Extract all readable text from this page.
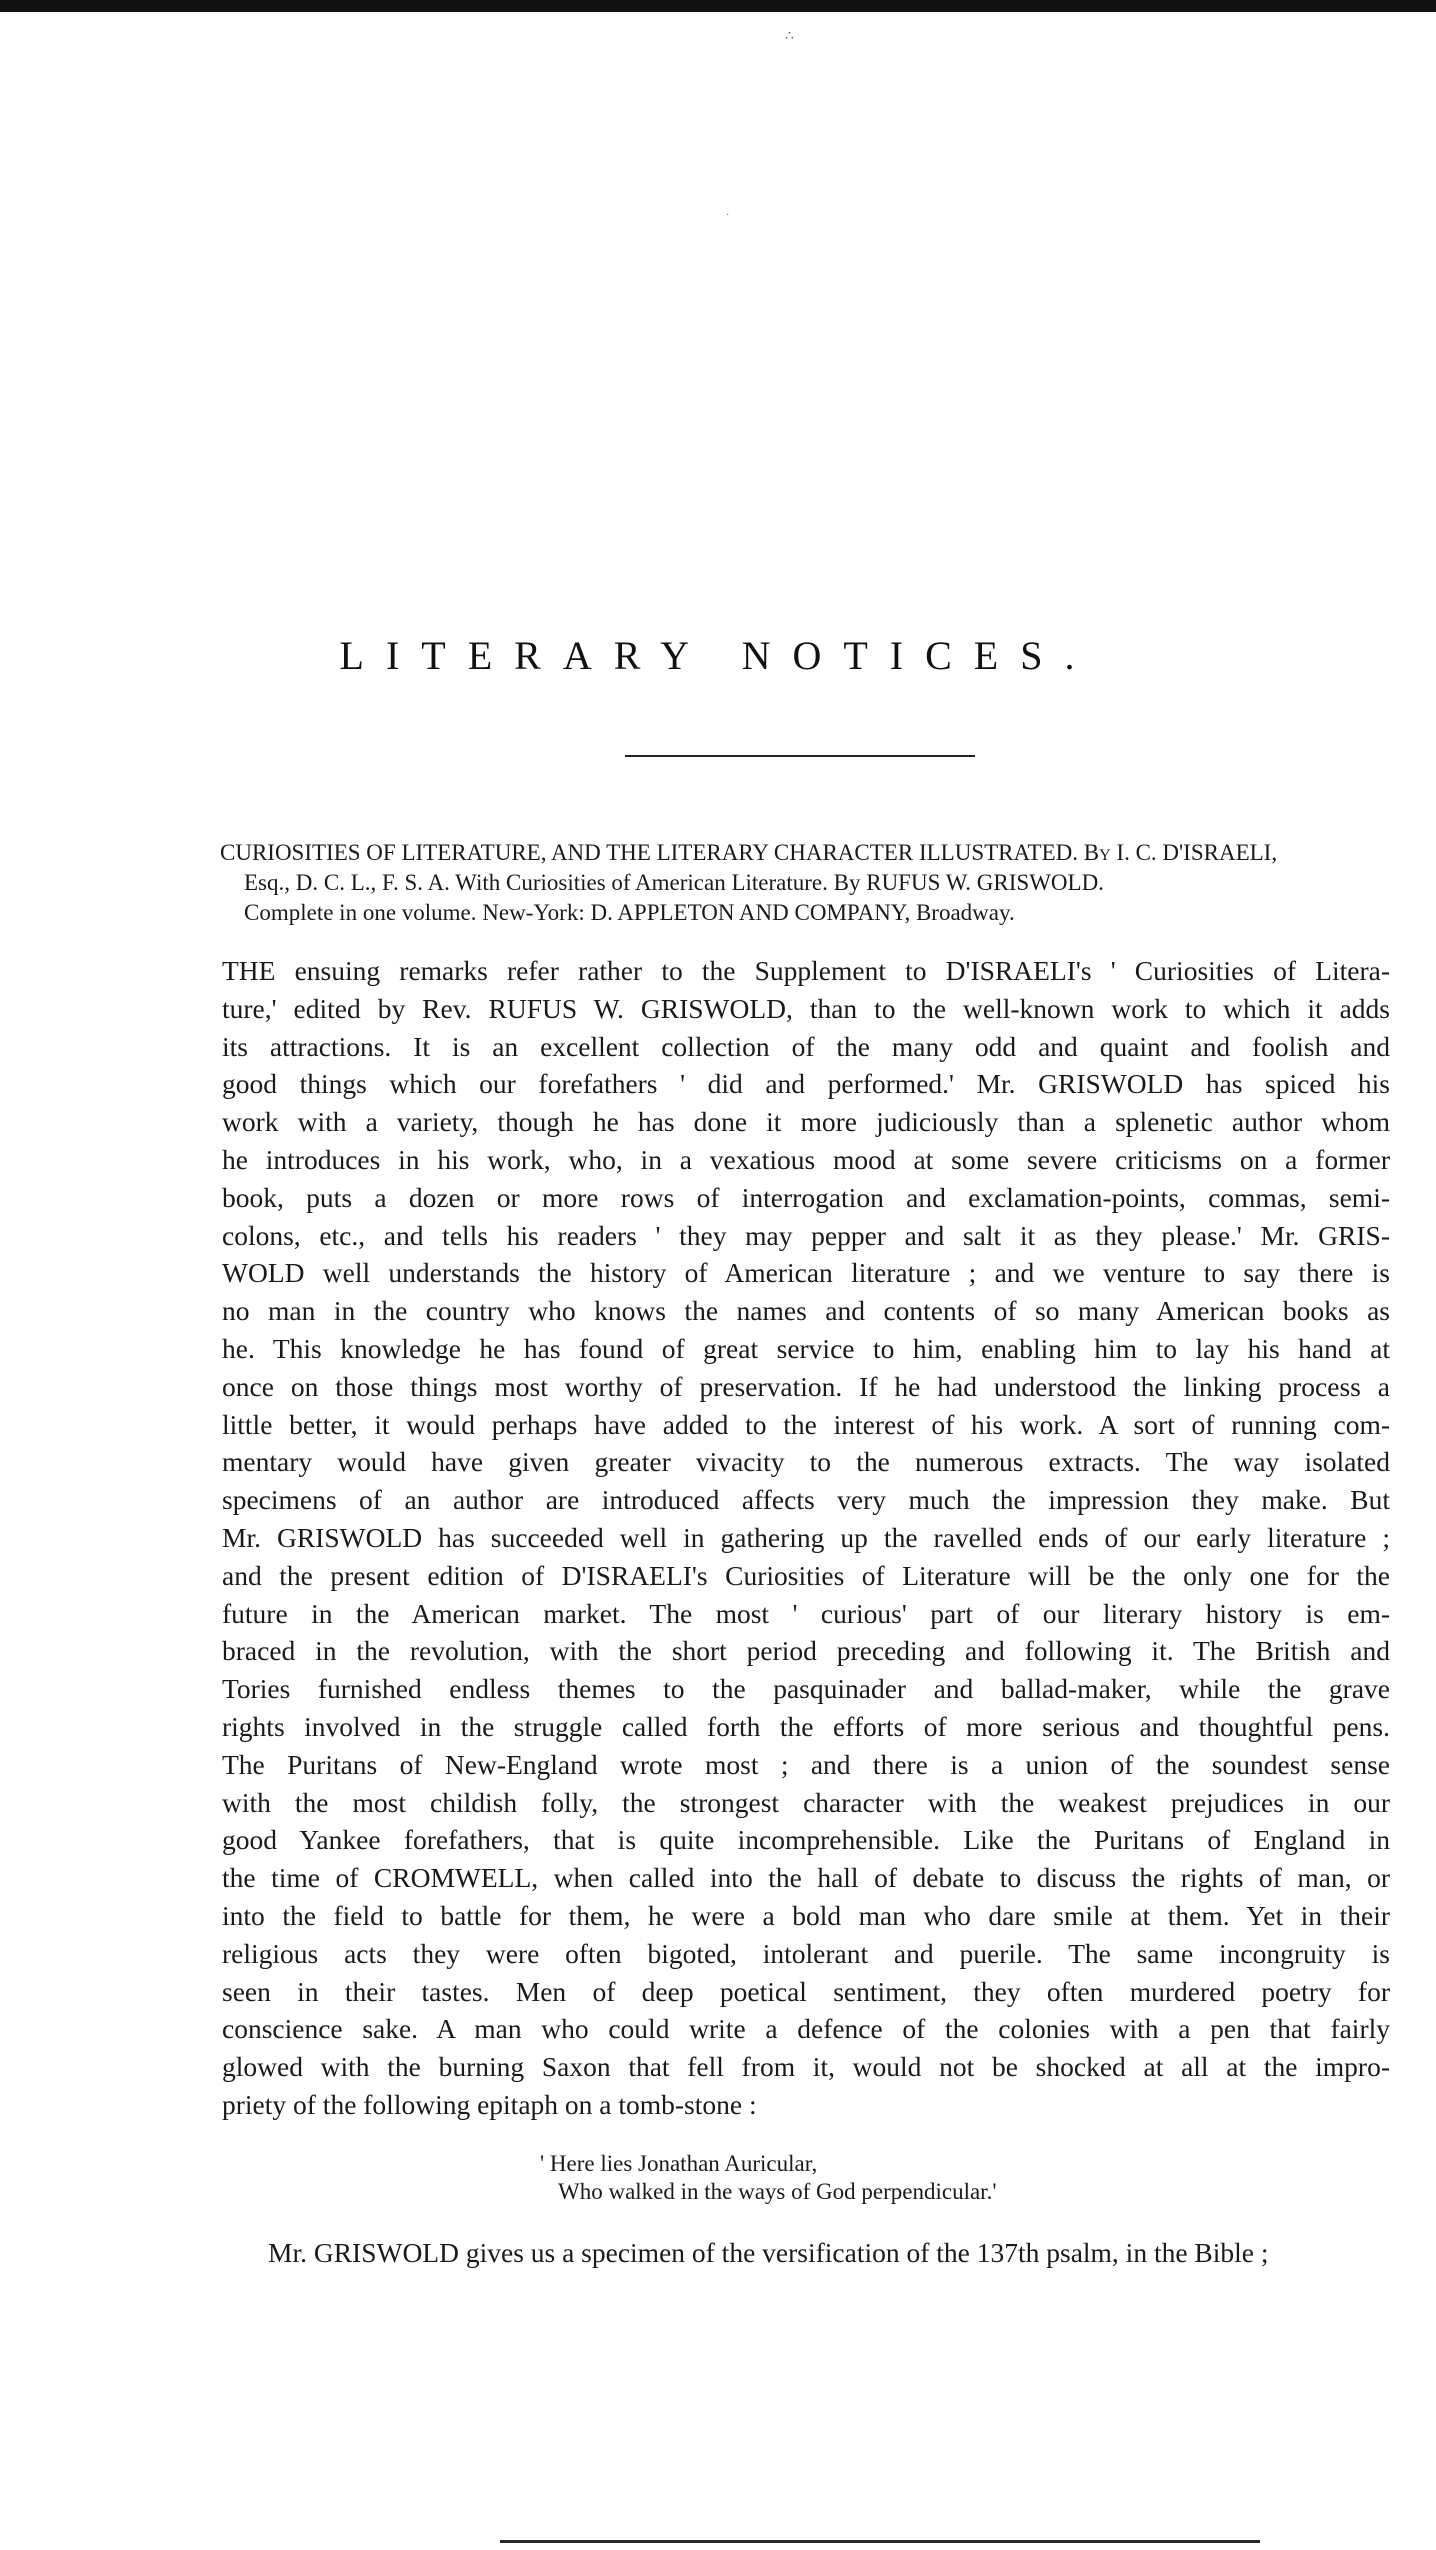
∴
·
LITERARY NOTICES.

CURIOSITIES OF LITERATURE, AND THE LITERARY CHARACTER ILLUSTRATED. By I. C. D'ISRAELI,
Esq., D. C. L., F. S. A. With Curiosities of American Literature. By RUFUS W. GRISWOLD.
Complete in one volume. New-York: D. APPLETON AND COMPANY, Broadway.

THE ensuing remarks refer rather to the Supplement to D'ISRAELI's ' Curiosities of Litera-
ture,' edited by Rev. RUFUS W. GRISWOLD, than to the well-known work to which it adds
its attractions. It is an excellent collection of the many odd and quaint and foolish and
good things which our forefathers ' did and performed.' Mr. GRISWOLD has spiced his
work with a variety, though he has done it more judiciously than a splenetic author whom
he introduces in his work, who, in a vexatious mood at some severe criticisms on a former
book, puts a dozen or more rows of interrogation and exclamation-points, commas, semi-
colons, etc., and tells his readers ' they may pepper and salt it as they please.' Mr. GRIS-
WOLD well understands the history of American literature ; and we venture to say there is
no man in the country who knows the names and contents of so many American books as
he. This knowledge he has found of great service to him, enabling him to lay his hand at
once on those things most worthy of preservation. If he had understood the linking process a
little better, it would perhaps have added to the interest of his work. A sort of running com-
mentary would have given greater vivacity to the numerous extracts. The way isolated
specimens of an author are introduced affects very much the impression they make. But
Mr. GRISWOLD has succeeded well in gathering up the ravelled ends of our early literature ;
and the present edition of D'ISRAELI's Curiosities of Literature will be the only one for the
future in the American market. The most ' curious' part of our literary history is em-
braced in the revolution, with the short period preceding and following it. The British and
Tories furnished endless themes to the pasquinader and ballad-maker, while the grave
rights involved in the struggle called forth the efforts of more serious and thoughtful pens.
The Puritans of New-England wrote most ; and there is a union of the soundest sense
with the most childish folly, the strongest character with the weakest prejudices in our
good Yankee forefathers, that is quite incomprehensible. Like the Puritans of England in
the time of CROMWELL, when called into the hall of debate to discuss the rights of man, or
into the field to battle for them, he were a bold man who dare smile at them. Yet in their
religious acts they were often bigoted, intolerant and puerile. The same incongruity is
seen in their tastes. Men of deep poetical sentiment, they often murdered poetry for
conscience sake. A man who could write a defence of the colonies with a pen that fairly
glowed with the burning Saxon that fell from it, would not be shocked at all at the impro-
priety of the following epitaph on a tomb-stone :
' Here lies Jonathan Auricular,
Who walked in the ways of God perpendicular.'

Mr. GRISWOLD gives us a specimen of the versification of the 137th psalm, in the Bible ;
